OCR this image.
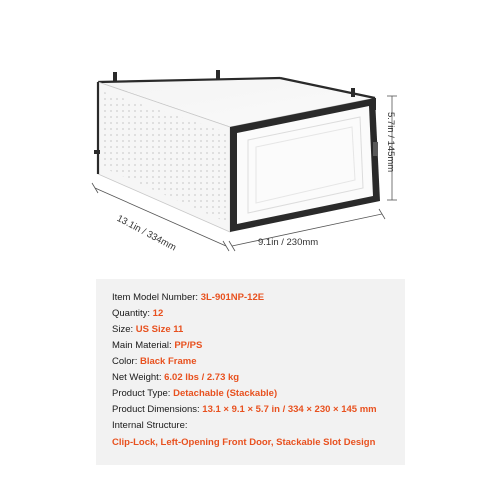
13.1in / 334mm	9.1in / 230mm
5.7in / 145mm
Item Model Number: 3L-901NP-12E
Quantity: 12
Size: US Size 11
Main Material: PP/PS
Color: Black Frame
Net Weight: 6.02 lbs / 2.73 kg
Product Type: Detachable (Stackable)
Product Dimensions: 13.1 × 9.1 × 5.7 in / 334 × 230 × 145 mm
Internal Structure:
Clip-Lock, Left-Opening Front Door, Stackable Slot Design
